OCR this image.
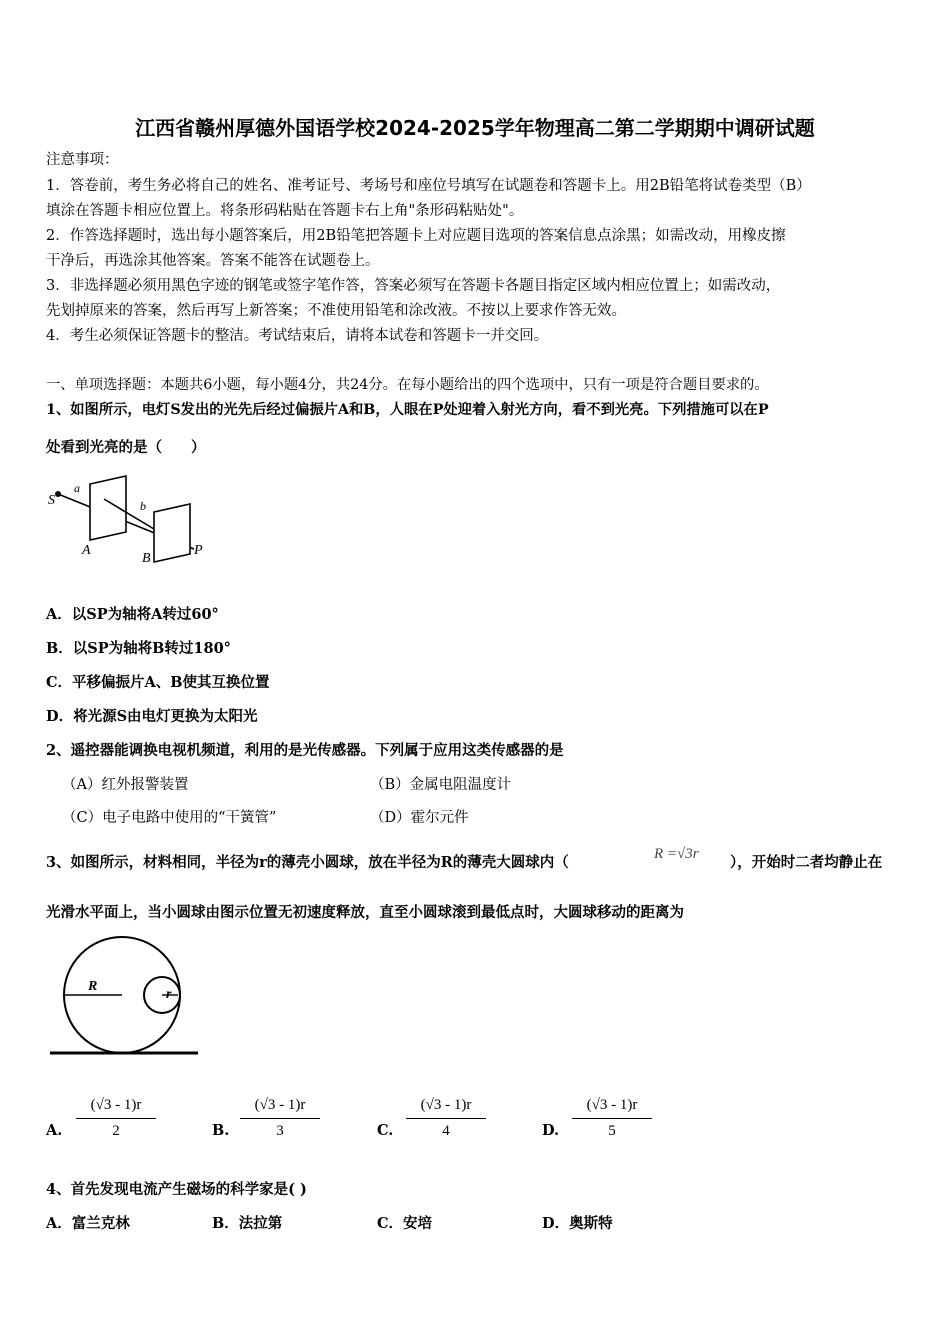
江西省赣州厚德外国语学校2024-2025学年物理高二第二学期期中调研试题
注意事项：
1．答卷前，考生务必将自己的姓名、准考证号、考场号和座位号填写在试题卷和答题卡上。用2B铅笔将试卷类型（B）
填涂在答题卡相应位置上。将条形码粘贴在答题卡右上角"条形码粘贴处"。
2．作答选择题时，选出每小题答案后，用2B铅笔把答题卡上对应题目选项的答案信息点涂黑；如需改动，用橡皮擦
干净后，再选涂其他答案。答案不能答在试题卷上。
3．非选择题必须用黑色字迹的钢笔或签字笔作答，答案必须写在答题卡各题目指定区域内相应位置上；如需改动，
先划掉原来的答案，然后再写上新答案；不准使用铅笔和涂改液。不按以上要求作答无效。
4．考生必须保证答题卡的整洁。考试结束后，请将本试卷和答题卡一并交回。
一、单项选择题：本题共6小题，每小题4分，共24分。在每小题给出的四个选项中，只有一项是符合题目要求的。
1、如图所示，电灯S发出的光先后经过偏振片A和B，人眼在P处迎着入射光方向，看不到光亮。下列措施可以在P
处看到光亮的是（　　）
S
a
b
A
B
P
A．以SP为轴将A转过60°
B．以SP为轴将B转过180°
C．平移偏振片A、B使其互换位置
D．将光源S由电灯更换为太阳光
2、遥控器能调换电视机频道，利用的是光传感器。下列属于应用这类传感器的是
（A）红外报警装置	（B）金属电阻温度计
（C）电子电路中使用的“干簧管”	（D）霍尔元件
3、如图所示，材料相同，半径为r的薄壳小圆球，放在半径为R的薄壳大圆球内（	R =√3r ），开始时二者均静止在
光滑水平面上，当小圆球由图示位置无初速度释放，直至小圆球滚到最低点时，大圆球移动的距离为
R
r
A. $\frac{(√3 - 1)r}{2}$	B. $\frac{(√3 - 1)r}{3}$	C. $\frac{(√3 - 1)r}{4}$	D. $\frac{(√3 - 1)r}{5}$
4、首先发现电流产生磁场的科学家是( )
A．富兰克林	B．法拉第	C．安培	D．奥斯特
